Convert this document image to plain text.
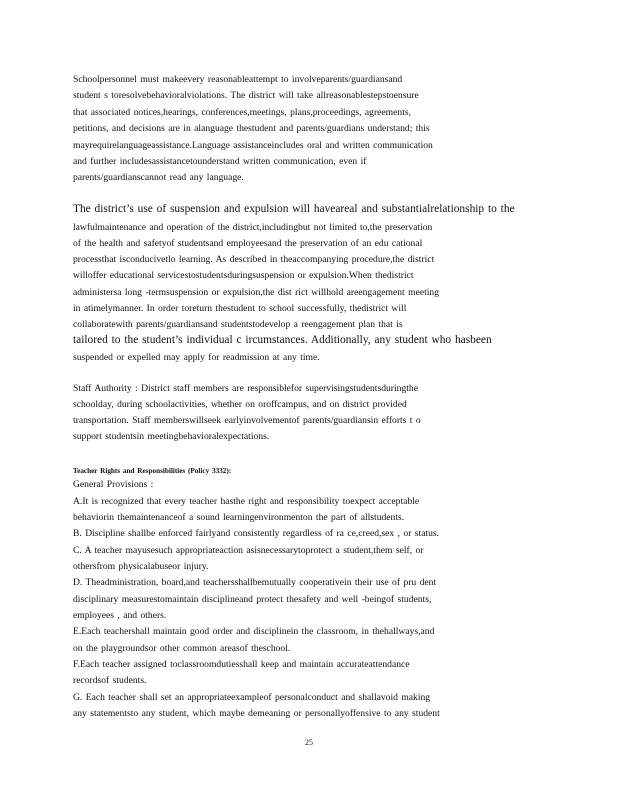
Schoolpersonnel must makeevery reasonableattempt to involveparents/guardiansand
student s toresolvebehavioralviolations. The district will take allreasonablestepstoensure
that associated notices,hearings, conferences,meetings, plans,proceedings, agreements,
petitions, and decisions are in alanguage thestudent and parents/guardians understand; this
mayrequirelanguageassistance.Language assistanceincludes oral and written communication
and further includesassistancetounderstand written communication, even if
parents/guardianscannot read any language.
The district’s use of suspension and expulsion will haveareal and substantialrelationship to the
lawfulmaintenance and operation of the district,includingbut not limited to,the preservation
of the health and safetyof studentsand employeesand the preservation of an edu cational
processthat isconducivetlo learning. As described in theaccompanying procedure,the district
willoffer educational servicestostudentsduringsuspension or expulsion.When thedistrict
administersa long -termsuspension or expulsion,the dist rict willhold areengagement meeting
in atimelymanner. In order toreturn thestudent to school successfully, thedistrict will
collaboratewith parents/guardiansand studentstodevelop a reengagement plan that is
tailored to the student’s individual c ircumstances. Additionally, any student who hasbeen
suspended or expelled may apply for readmission at any time.
Staff Authority : District staff members are responsiblefor supervisingstudentsduringthe
schoolday, during schoolactivities, whether on oroffcampus, and on district provided
transportation. Staff memberswillseek earlyinvolvementof parents/guardiansin efforts t o
support studentsin meetingbehavioralexpectations.
Teacher Rights and Responsibilities (Policy 3332):
General Provisions :
A.It is recognized that every teacher hasthe right and responsibility toexpect acceptable
behaviorin themaintenanceof a sound learningenvironmenton the part of allstudents.
B. Discipline shallbe enforced fairlyand consistently regardless of ra ce,creed,sex , or status.
C. A teacher mayusesuch appropriateaction asisnecessarytoprotect a student,them self, or
othersfrom physicalabuseor injury.
D. Theadministration, board,and teachersshallbemutually cooperativein their use of pru dent
disciplinary measurestomaintain disciplineand protect thesafety and well -beingof students,
employees , and others.
E.Each teachershall maintain good order and disciplinein the classroom, in thehallways,and
on the playgroundsor other common areasof theschool.
F.Each teacher assigned toclassroomdutiesshall keep and maintain accurateattendance
recordsof students.
G. Each teacher shall set an appropriateexampleof personalconduct and shallavoid making
any statementsto any student, which maybe demeaning or personallyoffensive to any student
25
